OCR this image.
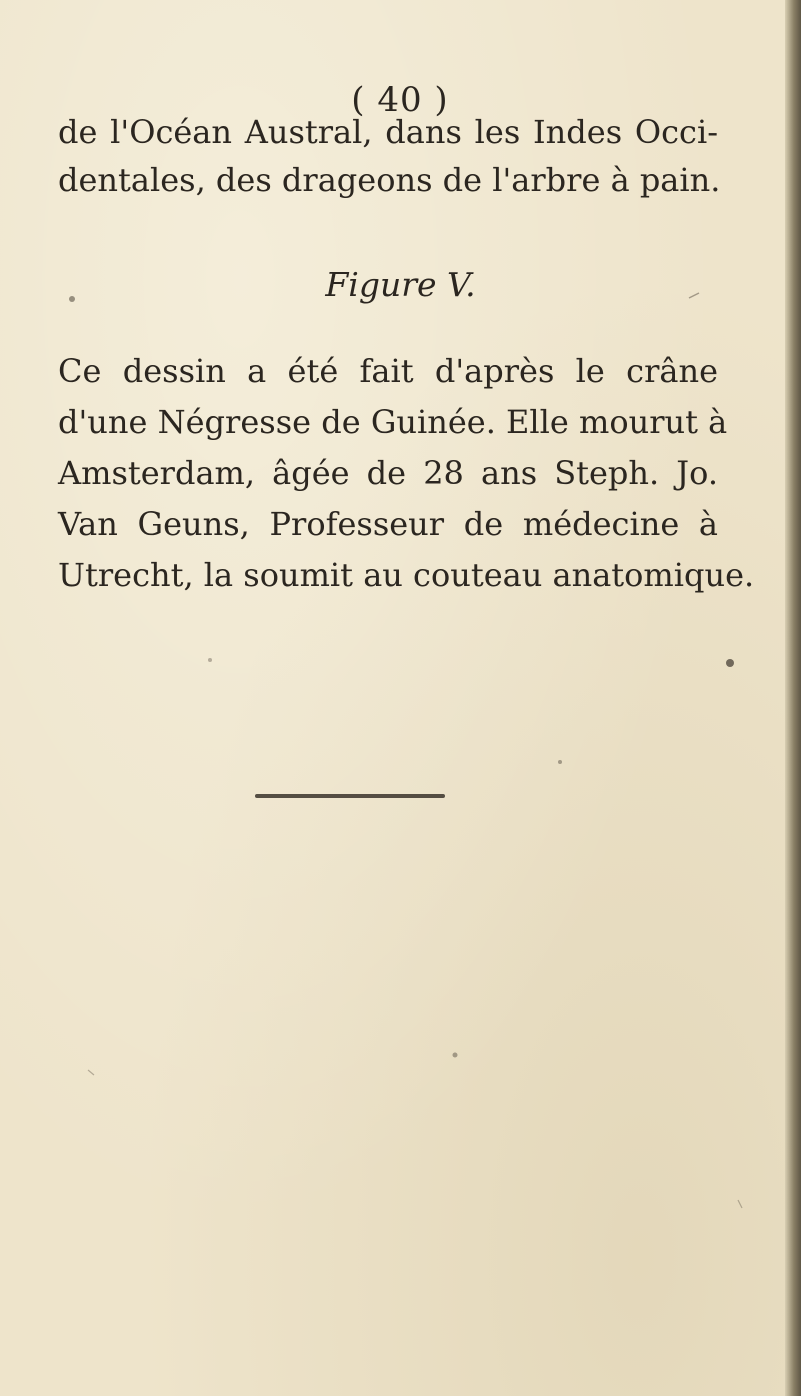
( 40 )
de l'Océan Austral, dans les Indes Occi-
dentales, des drageons de l'arbre à pain.
Figure V.
Ce dessin a été fait d'après le crâne
d'une Négresse de Guinée. Elle mourut à
Amsterdam, âgée de 28 ans Steph. Jo.
Van Geuns, Professeur de médecine à
Utrecht, la soumit au couteau anatomique.
